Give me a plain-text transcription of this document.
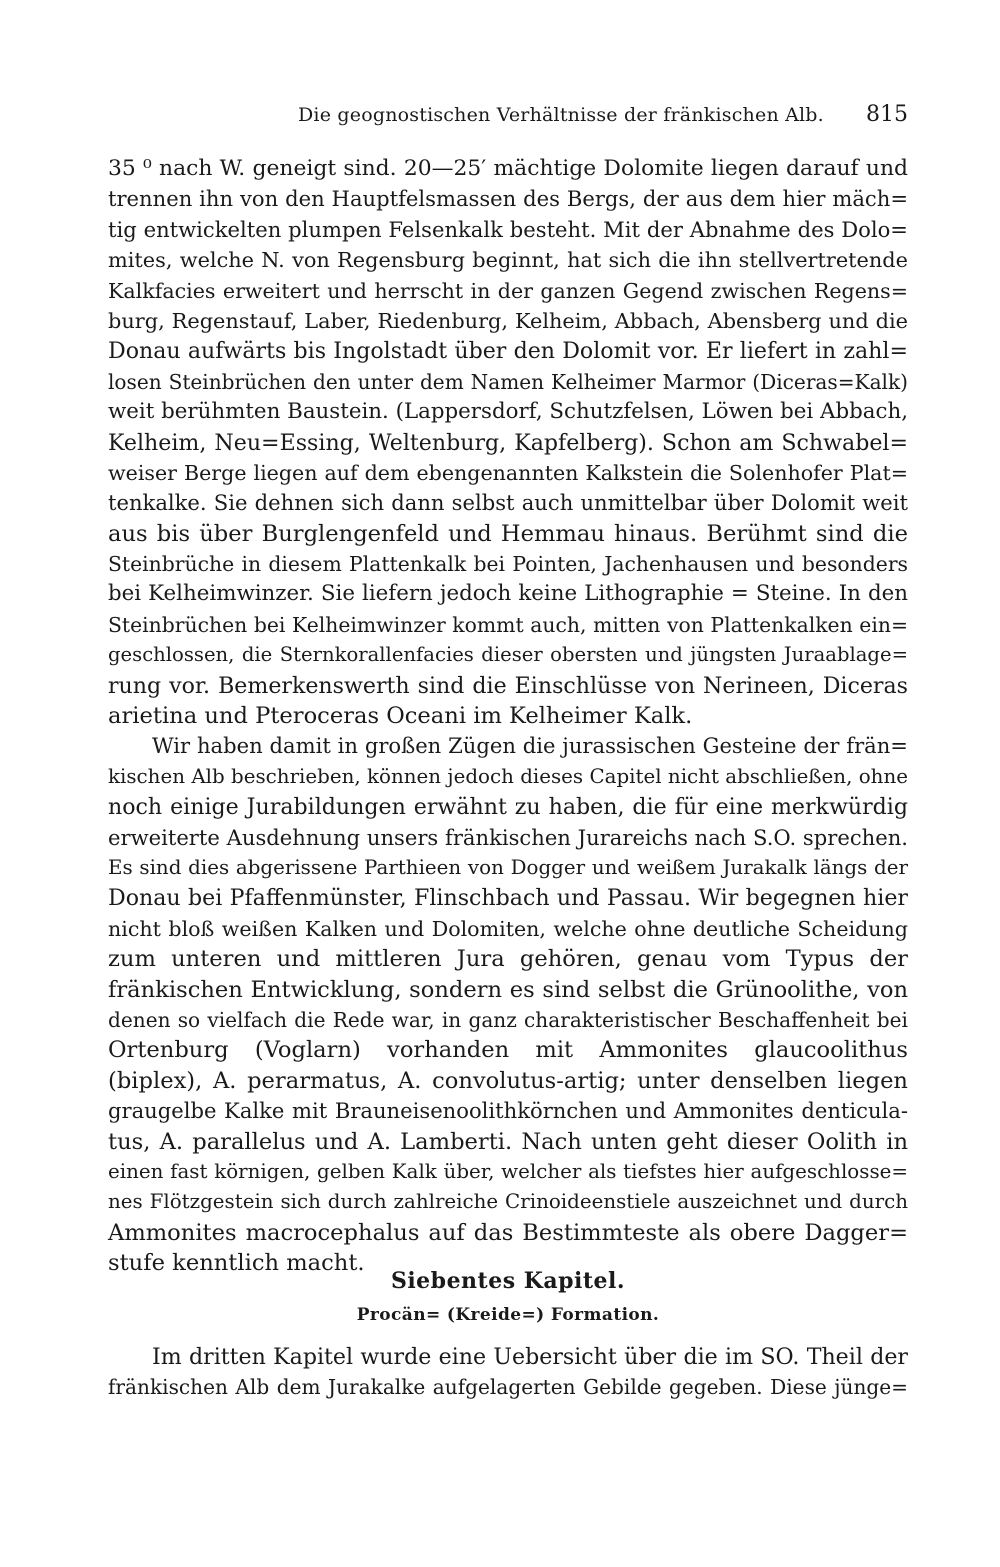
Die geognostischen Verhältnisse der fränkischen Alb. 815
35 ⁰ nach W. geneigt sind. 20—25′ mächtige Dolomite liegen darauf und
trennen ihn von den Hauptfelsmassen des Bergs, der aus dem hier mäch=
tig entwickelten plumpen Felsenkalk besteht. Mit der Abnahme des Dolo=
mites, welche N. von Regensburg beginnt, hat sich die ihn stellvertretende
Kalkfacies erweitert und herrscht in der ganzen Gegend zwischen Regens=
burg, Regenstauf, Laber, Riedenburg, Kelheim, Abbach, Abensberg und die
Donau aufwärts bis Ingolstadt über den Dolomit vor. Er liefert in zahl=
losen Steinbrüchen den unter dem Namen Kelheimer Marmor (Diceras=Kalk)
weit berühmten Baustein. (Lappersdorf, Schutzfelsen, Löwen bei Abbach,
Kelheim, Neu=Essing, Weltenburg, Kapfelberg). Schon am Schwabel=
weiser Berge liegen auf dem ebengenannten Kalkstein die Solenhofer Plat=
tenkalke. Sie dehnen sich dann selbst auch unmittelbar über Dolomit weit
aus bis über Burglengenfeld und Hemmau hinaus. Berühmt sind die
Steinbrüche in diesem Plattenkalk bei Pointen, Jachenhausen und besonders
bei Kelheimwinzer. Sie liefern jedoch keine Lithographie = Steine. In den
Steinbrüchen bei Kelheimwinzer kommt auch, mitten von Plattenkalken ein=
geschlossen, die Sternkorallenfacies dieser obersten und jüngsten Juraablage=
rung vor. Bemerkenswerth sind die Einschlüsse von Nerineen, Diceras
arietina und Pteroceras Oceani im Kelheimer Kalk.
Wir haben damit in großen Zügen die jurassischen Gesteine der frän=
kischen Alb beschrieben, können jedoch dieses Capitel nicht abschließen, ohne
noch einige Jurabildungen erwähnt zu haben, die für eine merkwürdig
erweiterte Ausdehnung unsers fränkischen Jurareichs nach S.O. sprechen.
Es sind dies abgerissene Parthieen von Dogger und weißem Jurakalk längs der
Donau bei Pfaffenmünster, Flinschbach und Passau. Wir begegnen hier
nicht bloß weißen Kalken und Dolomiten, welche ohne deutliche Scheidung
zum unteren und mittleren Jura gehören, genau vom Typus der
fränkischen Entwicklung, sondern es sind selbst die Grünoolithe, von
denen so vielfach die Rede war, in ganz charakteristischer Beschaffenheit bei
Ortenburg (Voglarn) vorhanden mit Ammonites glaucoolithus
(biplex), A. perarmatus, A. convolutus-artig; unter denselben liegen
graugelbe Kalke mit Brauneisenoolithkörnchen und Ammonites denticula-
tus, A. parallelus und A. Lamberti. Nach unten geht dieser Oolith in
einen fast körnigen, gelben Kalk über, welcher als tiefstes hier aufgeschlosse=
nes Flötzgestein sich durch zahlreiche Crinoideenstiele auszeichnet und durch
Ammonites macrocephalus auf das Bestimmteste als obere Dagger=
stufe kenntlich macht.
Siebentes Kapitel.
Procän= (Kreide=) Formation.
Im dritten Kapitel wurde eine Uebersicht über die im SO. Theil der
fränkischen Alb dem Jurakalke aufgelagerten Gebilde gegeben. Diese jünge=
